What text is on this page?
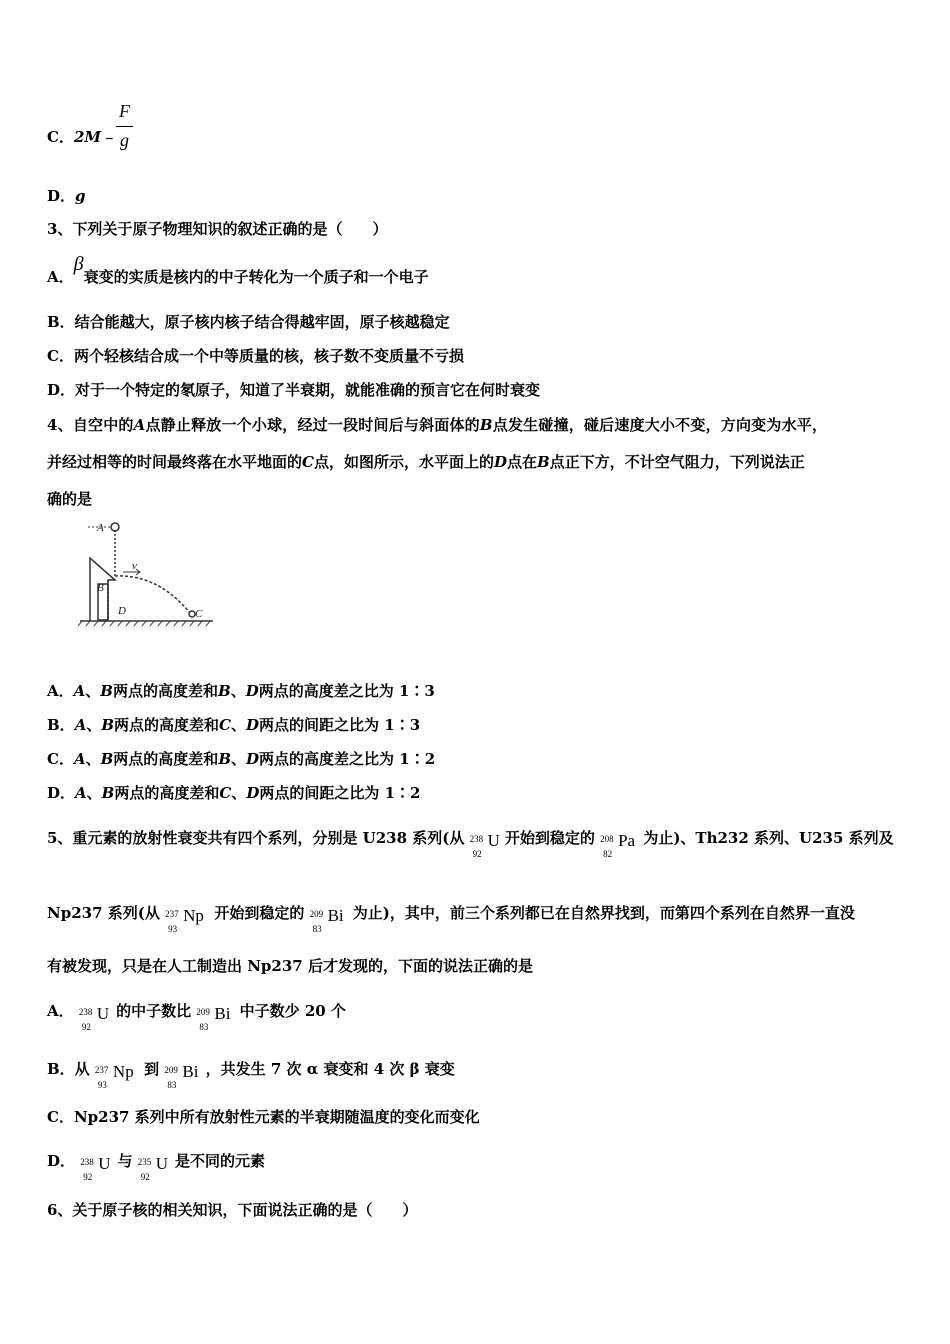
C．2M﹣
F
g
D．g
3、下列关于原子物理知识的叙述正确的是（　　）
A．β衰变的实质是核内的中子转化为一个质子和一个电子
B．结合能越大，原子核内核子结合得越牢固，原子核越稳定
C．两个轻核结合成一个中等质量的核，核子数不变质量不亏损
D．对于一个特定的氡原子，知道了半衰期，就能准确的预言它在何时衰变
4、自空中的A点静止释放一个小球，经过一段时间后与斜面体的B点发生碰撞，碰后速度大小不变，方向变为水平，
并经过相等的时间最终落在水平地面的C点，如图所示，水平面上的D点在B点正下方，不计空气阻力，下列说法正
确的是
A
B
C
D
v
A．A、B两点的高度差和B、D两点的高度差之比为 1∶3
B．A、B两点的高度差和C、D两点的间距之比为 1∶3
C．A、B两点的高度差和B、D两点的高度差之比为 1∶2
D．A、B两点的高度差和C、D两点的间距之比为 1∶2
5、重元素的放射性衰变共有四个系列，分别是 U238 系列(从 238
92
U 开始到稳定的 208
82
Pa 为止)、Th232 系列、U235 系列及
Np237 系列(从 237
93
Np 开始到稳定的 209
83
Bi 为止)，其中，前三个系列都已在自然界找到，而第四个系列在自然界一直没
有被发现，只是在人工制造出 Np237 后才发现的，下面的说法正确的是
A． 238
92
U 的中子数比 209
83
Bi 中子数少 20 个
B．从 237
93
Np 到 209
83
Bi ，共发生 7 次 α 衰变和 4 次 β 衰变
C．Np237 系列中所有放射性元素的半衰期随温度的变化而变化
D． 238
92
U 与 235
92
U 是不同的元素
6、关于原子核的相关知识，下面说法正确的是（　　）
